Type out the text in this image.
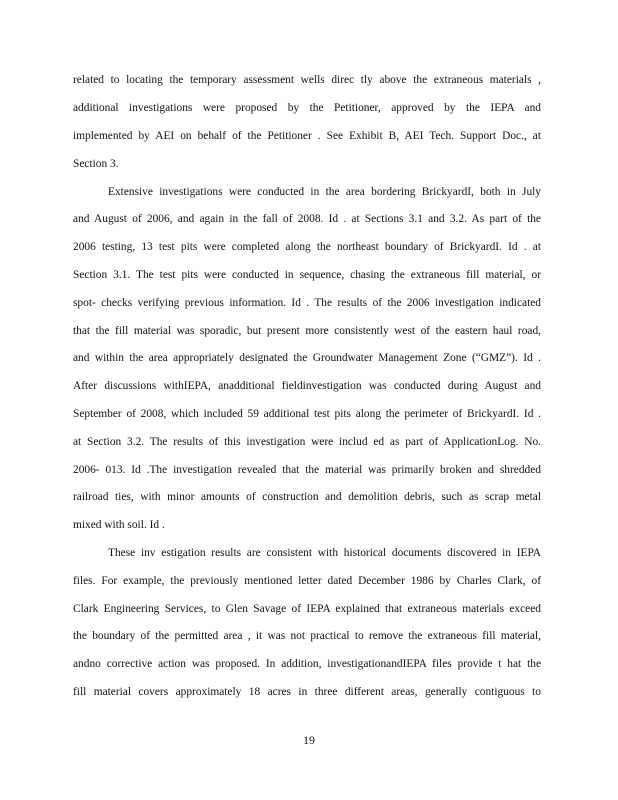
related to locating the temporary assessment wells direc tly above the extraneous materials ,
additional investigations were proposed by the Petitioner, approved by the IEPA and
implemented by AEI on behalf of the Petitioner . See Exhibit B, AEI Tech. Support Doc., at
Section 3.
Extensive investigations were conducted in the area bordering BrickyardI, both in July
and August of 2006, and again in the fall of 2008. Id . at Sections 3.1 and 3.2. As part of the
2006 testing, 13 test pits were completed along the northeast boundary of BrickyardI. Id . at
Section 3.1. The test pits were conducted in sequence, chasing the extraneous fill material, or
spot- checks verifying previous information. Id . The results of the 2006 investigation indicated
that the fill material was sporadic, but present more consistently west of the eastern haul road,
and within the area appropriately designated the Groundwater Management Zone (“GMZ”). Id .
After discussions withIEPA, anadditional fieldinvestigation was conducted during August and
September of 2008, which included 59 additional test pits along the perimeter of BrickyardI. Id .
at Section 3.2. The results of this investigation were includ ed as part of ApplicationLog. No.
2006- 013. Id .The investigation revealed that the material was primarily broken and shredded
railroad ties, with minor amounts of construction and demolition debris, such as scrap metal
mixed with soil. Id .
These inv estigation results are consistent with historical documents discovered in IEPA
files. For example, the previously mentioned letter dated December 1986 by Charles Clark, of
Clark Engineering Services, to Glen Savage of IEPA explained that extraneous materials exceed
the boundary of the permitted area , it was not practical to remove the extraneous fill material,
andno corrective action was proposed. In addition, investigationandIEPA files provide t hat the
fill material covers approximately 18 acres in three different areas, generally contiguous to
19
